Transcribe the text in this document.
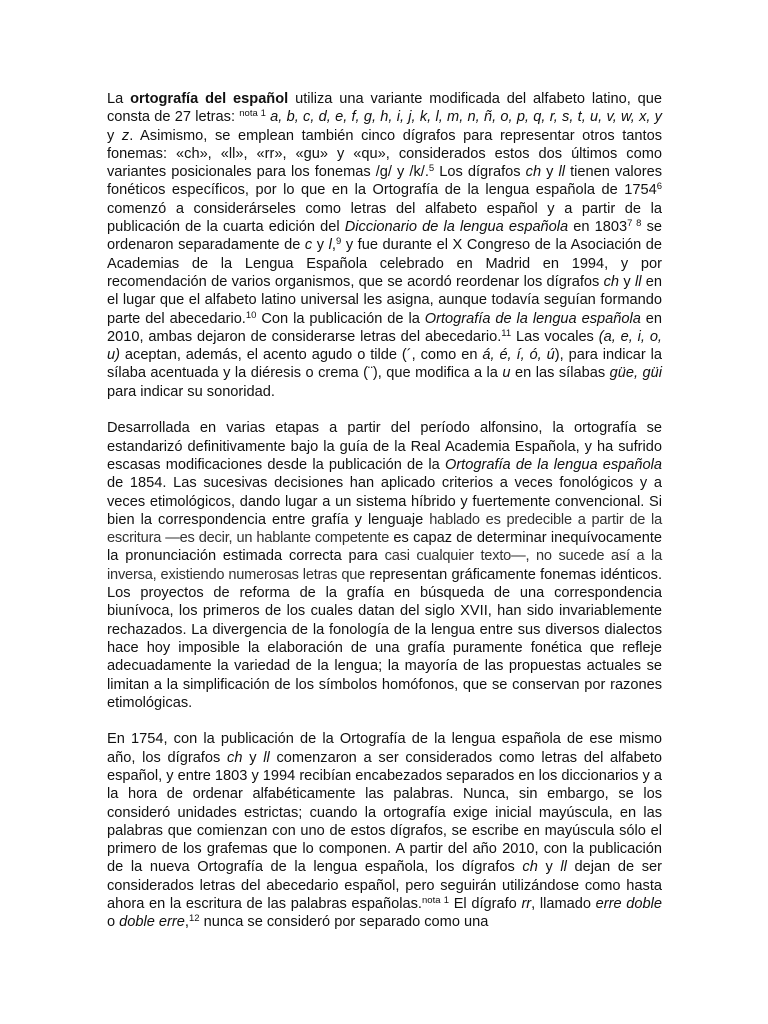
La ortografía del español utiliza una variante modificada del alfabeto latino, que consta de 27 letras: $^{nota 1}$ a, b, c, d, e, f, g, h, i, j, k, l, m, n, ñ, o, p, q, r, s, t, u, v, w, x, y y z. Asimismo, se emplean también cinco dígrafos para representar otros tantos fonemas: «ch», «ll», «rr», «gu» y «qu», considerados estos dos últimos como variantes posicionales para los fonemas /g/ y /k/.$^5$ Los dígrafos ch y ll tienen valores fonéticos específicos, por lo que en la Ortografía de la lengua española de 1754$^6$ comenzó a considerárseles como letras del alfabeto español y a partir de la publicación de la cuarta edición del Diccionario de la lengua española en $1803^{7 8}$ se ordenaron separadamente de c y l,$^9$ y fue durante el X Congreso de la Asociación de Academias de la Lengua Española celebrado en Madrid en 1994, y por recomendación de varios organismos, que se acordó reordenar los dígrafos ch y ll en el lugar que el alfabeto latino universal les asigna, aunque todavía seguían formando parte del abecedario.$^{10}$ Con la publicación de la Ortografía de la lengua española en 2010, ambas dejaron de considerarse letras del abecedario.$^{11}$ Las vocales (a, e, i, o, u) aceptan, además, el acento agudo o tilde (´, como en á, é, í, ó, ú), para indicar la sílaba acentuada y la diéresis o crema (¨), que modifica a la u en las sílabas güe, güi para indicar su sonoridad.

Desarrollada en varias etapas a partir del período alfonsino, la ortografía se estandarizó definitivamente bajo la guía de la Real Academia Española, y ha sufrido escasas modificaciones desde la publicación de la Ortografía de la lengua española de 1854. Las sucesivas decisiones han aplicado criterios a veces fonológicos y a veces etimológicos, dando lugar a un sistema híbrido y fuertemente convencional. Si bien la correspondencia entre grafía y lenguaje hablado es predecible a partir de la escritura —es decir, un hablante competente es capaz de determinar inequívocamente la pronunciación estimada correcta para casi cualquier texto—, no sucede así a la inversa, existiendo numerosas letras que representan gráficamente fonemas idénticos. Los proyectos de reforma de la grafía en búsqueda de una correspondencia biunívoca, los primeros de los cuales datan del siglo XVII, han sido invariablemente rechazados. La divergencia de la fonología de la lengua entre sus diversos dialectos hace hoy imposible la elaboración de una grafía puramente fonética que refleje adecuadamente la variedad de la lengua; la mayoría de las propuestas actuales se limitan a la simplificación de los símbolos homófonos, que se conservan por razones etimológicas.

En 1754, con la publicación de la Ortografía de la lengua española de ese mismo año, los dígrafos ch y ll comenzaron a ser considerados como letras del alfabeto español, y entre 1803 y 1994 recibían encabezados separados en los diccionarios y a la hora de ordenar alfabéticamente las palabras. Nunca, sin embargo, se los consideró unidades estrictas; cuando la ortografía exige inicial mayúscula, en las palabras que comienzan con uno de estos dígrafos, se escribe en mayúscula sólo el primero de los grafemas que lo componen. A partir del año 2010, con la publicación de la nueva Ortografía de la lengua española, los dígrafos ch y ll dejan de ser considerados letras del abecedario español, pero seguirán utilizándose como hasta ahora en la escritura de las palabras españolas.$^{nota 1}$ El dígrafo rr, llamado erre doble o doble erre,$^{12}$ nunca se consideró por separado como una
